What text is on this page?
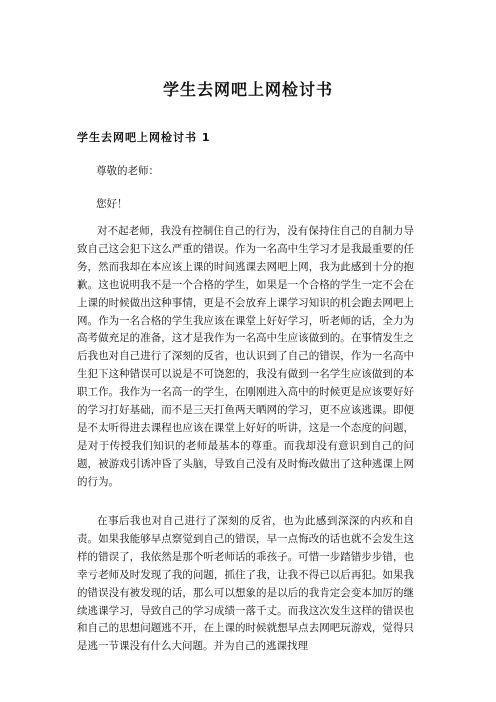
学生去网吧上网检讨书
学生去网吧上网检讨书 1
尊敬的老师：
您好！
对不起老师，我没有控制住自己的行为，没有保持住自己的自制力导致自己这会犯下这么严重的错误。作为一名高中生学习才是我最重要的任务，然而我却在本应该上课的时间逃课去网吧上网，我为此感到十分的抱歉。这也说明我不是一个合格的学生，如果是一个合格的学生一定不会在上课的时候做出这种事情，更是不会放弃上课学习知识的机会跑去网吧上网。作为一名合格的学生我应该在课堂上好好学习，听老师的话，全力为高考做充足的准备，这才是我作为一名高中生应该做到的。在事情发生之后我也对自己进行了深刻的反省，也认识到了自己的错误，作为一名高中生犯下这种错误可以说是不可饶恕的，我没有做到一名学生应该做到的本职工作。我作为一名高一的学生，在刚刚进入高中的时候更是应该要好好的学习打好基础，而不是三天打鱼两天晒网的学习，更不应该逃课。即便是不太听得进去课程也应该在课堂上好好的听讲，这是一个态度的问题，是对于传授我们知识的老师最基本的尊重。而我却没有意识到自己的问题，被游戏引诱冲昏了头脑，导致自己没有及时悔改做出了这种逃课上网的行为。
在事后我也对自己进行了深刻的反省，也为此感到深深的内疚和自责。如果我能够早点察觉到自己的错误，早一点悔改的话也就不会发生这样的错误了，我依然是那个听老师话的乖孩子。可惜一步踏错步步错，也幸亏老师及时发现了我的问题，抓住了我，让我不得已以后再犯。如果我的错误没有被发现的话，那么可以想象的是以后的我肯定会变本加厉的继续逃课学习，导致自己的学习成绩一落千丈。而我这次发生这样的错误也和自己的思想问题逃不开，在上课的时候就想早点去网吧玩游戏，觉得只是逃一节课没有什么大问题。并为自己的逃课找理
